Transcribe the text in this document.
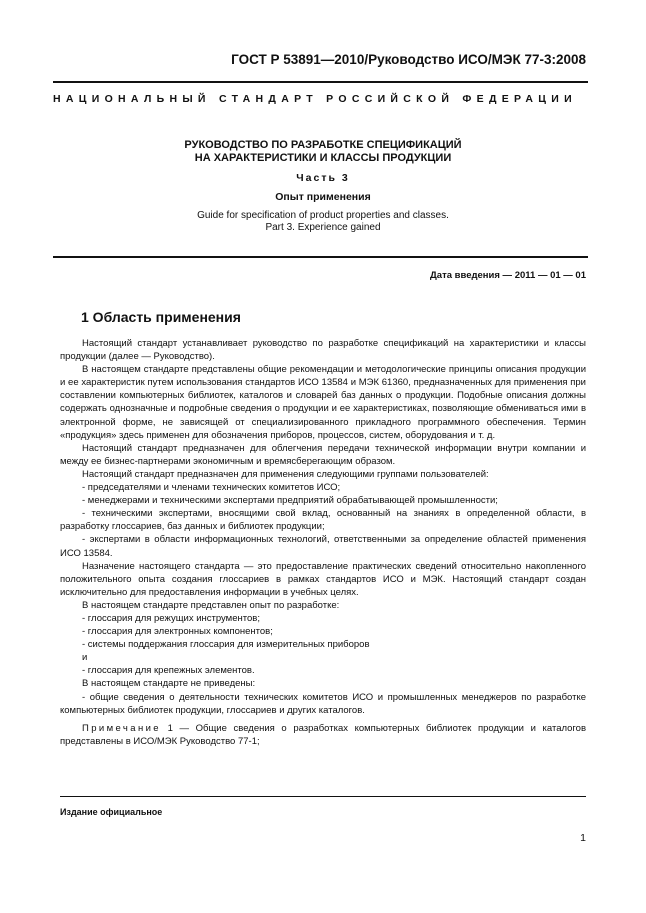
ГОСТ Р 53891—2010/Руководство ИСО/МЭК 77-3:2008
НАЦИОНАЛЬНЫЙ СТАНДАРТ РОССИЙСКОЙ ФЕДЕРАЦИИ
РУКОВОДСТВО ПО РАЗРАБОТКЕ СПЕЦИФИКАЦИЙ
НА ХАРАКТЕРИСТИКИ И КЛАССЫ ПРОДУКЦИИ
Часть 3
Опыт применения
Guide for specification of product properties and classes.
Part 3. Experience gained
Дата введения — 2011 — 01 — 01
1 Область применения

Настоящий стандарт устанавливает руководство по разработке спецификаций на характеристики и классы продукции (далее — Руководство).

В настоящем стандарте представлены общие рекомендации и методологические принципы описания продукции и ее характеристик путем использования стандартов ИСО 13584 и МЭК 61360, предназначенных для применения при составлении компьютерных библиотек, каталогов и словарей баз данных о продукции. Подобные описания должны содержать однозначные и подробные сведения о продукции и ее характеристиках, позволяющие обмениваться ими в электронной форме, не зависящей от специализированного прикладного программного обеспечения. Термин «продукция» здесь применен для обозначения приборов, процессов, систем, оборудования и т. д.

Настоящий стандарт предназначен для облегчения передачи технической информации внутри компании и между ее бизнес-партнерами экономичным и времясберегающим образом.

Настоящий стандарт предназначен для применения следующими группами пользователей:

- председателями и членами технических комитетов ИСО;

- менеджерами и техническими экспертами предприятий обрабатывающей промышленности;

- техническими экспертами, вносящими свой вклад, основанный на знаниях в определенной области, в разработку глоссариев, баз данных и библиотек продукции;

- экспертами в области информационных технологий, ответственными за определение областей применения ИСО 13584.

Назначение настоящего стандарта — это предоставление практических сведений относительно накопленного положительного опыта создания глоссариев в рамках стандартов ИСО и МЭК. Настоящий стандарт создан исключительно для предоставления информации в учебных целях.

В настоящем стандарте представлен опыт по разработке:

- глоссария для режущих инструментов;

- глоссария для электронных компонентов;

- системы поддержания глоссария для измерительных приборов

и

- глоссария для крепежных элементов.

В настоящем стандарте не приведены:

- общие сведения о деятельности технических комитетов ИСО и промышленных менеджеров по разработке компьютерных библиотек продукции, глоссариев и других каталогов.

Примечание 1 — Общие сведения о разработках компьютерных библиотек продукции и каталогов представлены в ИСО/МЭК Руководство 77-1;

Издание официальное
1
